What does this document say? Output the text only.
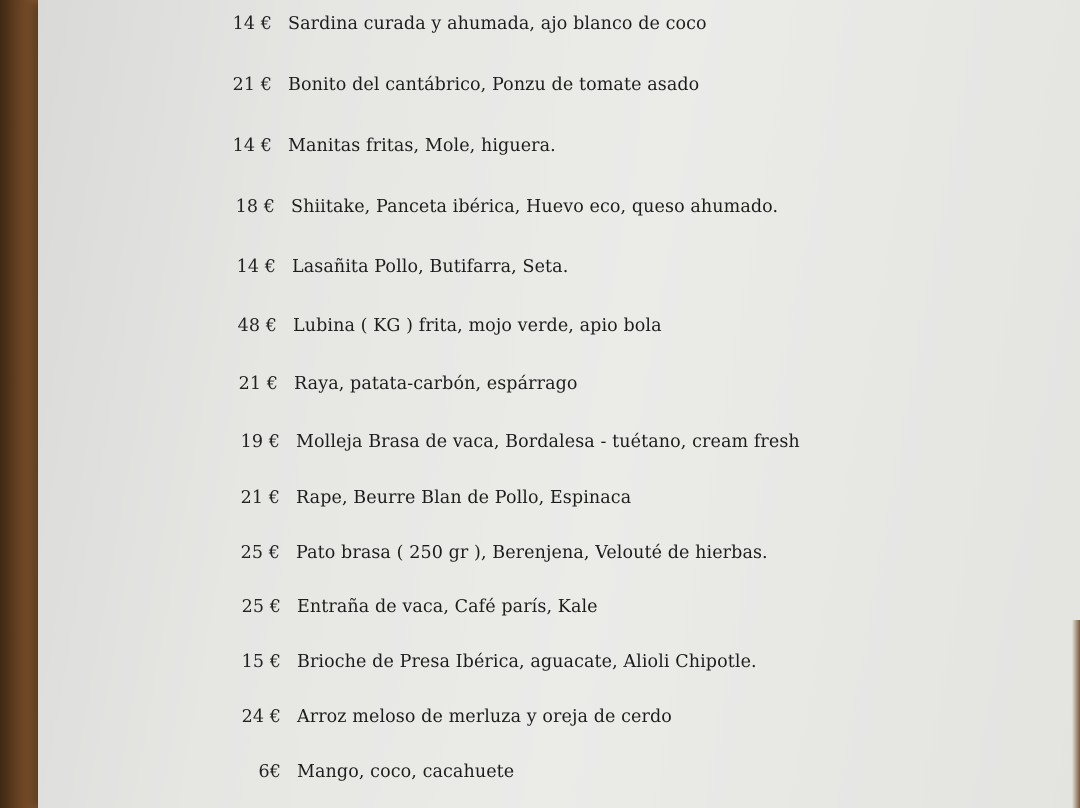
14 € Sardina curada y ahumada, ajo blanco de coco
21 € Bonito del cantábrico, Ponzu de tomate asado
14 € Manitas fritas, Mole, higuera.
18 € Shiitake, Panceta ibérica, Huevo eco, queso ahumado.
14 € Lasañita Pollo, Butifarra, Seta.
48 € Lubina ( KG ) frita, mojo verde, apio bola
21 € Raya, patata-carbón, espárrago
19 € Molleja Brasa de vaca, Bordalesa - tuétano, cream fresh
21 € Rape, Beurre Blan de Pollo, Espinaca
25 € Pato brasa ( 250 gr ), Berenjena, Velouté de hierbas.
25 € Entraña de vaca, Café parís, Kale
15 € Brioche de Presa Ibérica, aguacate, Alioli Chipotle.
24 € Arroz meloso de merluza y oreja de cerdo
6€ Mango, coco, cacahuete
